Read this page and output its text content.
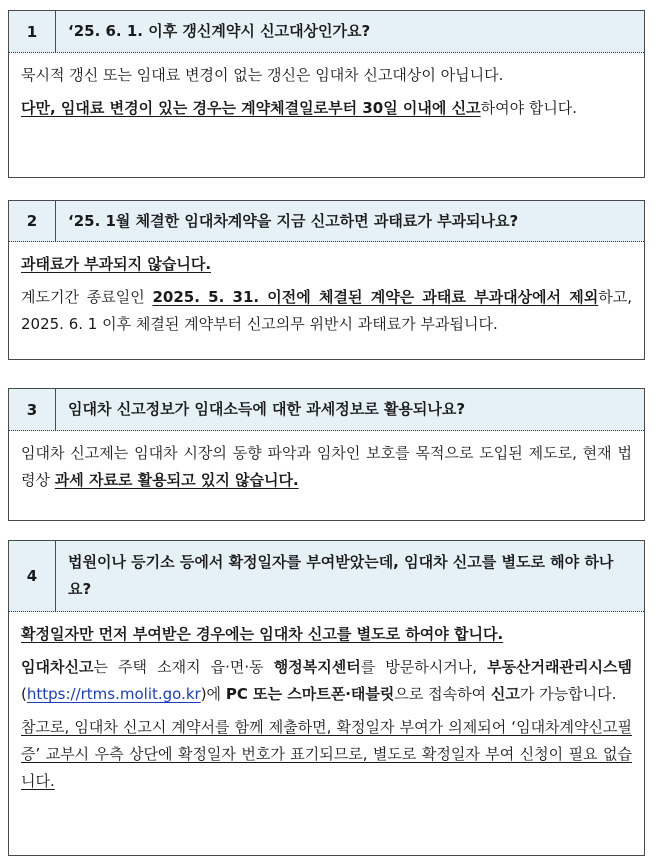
1	‘25. 6. 1. 이후 갱신계약시 신고대상인가요?

묵시적 갱신 또는 임대료 변경이 없는 갱신은 임대차 신고대상이 아닙니다.

다만, 임대료 변경이 있는 경우는 계약체결일로부터 30일 이내에 신고하여야 합니다.

2	‘25. 1월 체결한 임대차계약을 지금 신고하면 과태료가 부과되나요?

과태료가 부과되지 않습니다.

계도기간 종료일인 2025. 5. 31. 이전에 체결된 계약은 과태료 부과대상에서 제외하고, 2025. 6. 1 이후 체결된 계약부터 신고의무 위반시 과태료가 부과됩니다.

3	임대차 신고정보가 임대소득에 대한 과세정보로 활용되나요?

임대차 신고제는 임대차 시장의 동향 파악과 임차인 보호를 목적으로 도입된 제도로, 현재 법령상 과세 자료로 활용되고 있지 않습니다.

4
법원이나 등기소 등에서 확정일자를 부여받았는데, 임대차 신고를 별도로 해야 하나요?

확정일자만 먼저 부여받은 경우에는 임대차 신고를 별도로 하여야 합니다.

임대차신고는 주택 소재지 읍·면·동 행정복지센터를 방문하시거나, 부동산거래관리시스템(https://rtms.molit.go.kr)에 PC 또는 스마트폰·태블릿으로 접속하여 신고가 가능합니다.

참고로, 임대차 신고시 계약서를 함께 제출하면, 확정일자 부여가 의제되어 ‘임대차계약신고필증’ 교부시 우측 상단에 확정일자 번호가 표기되므로, 별도로 확정일자 부여 신청이 필요 없습니다.
